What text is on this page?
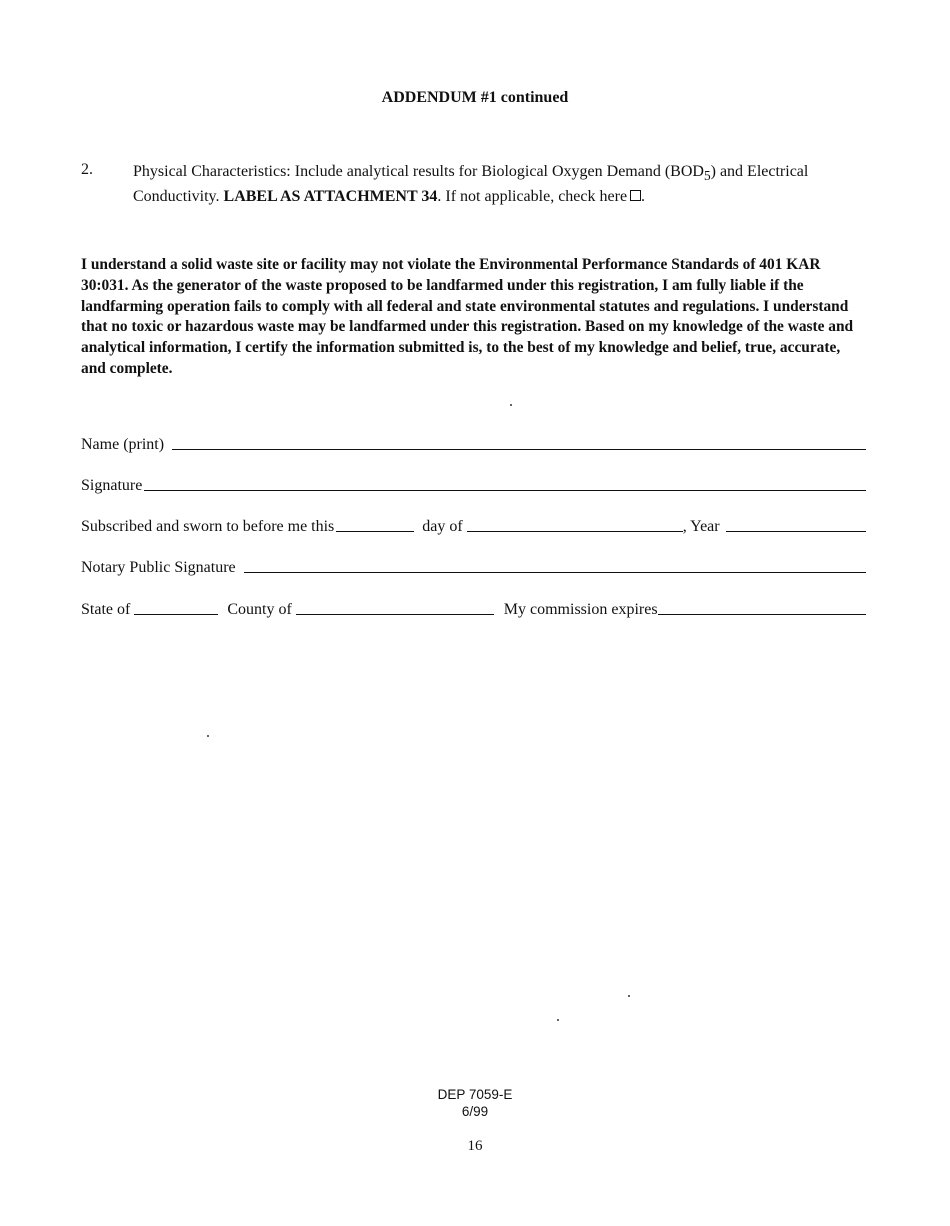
ADDENDUM #1 continued
2.	Physical Characteristics: Include analytical results for Biological Oxygen Demand $(BOD_5)$ and Electrical Conductivity. LABEL AS ATTACHMENT 34. If not applicable, check here .
I understand a solid waste site or facility may not violate the Environmental Performance Standards of 401 KAR 30:031. As the generator of the waste proposed to be landfarmed under this registration, I am fully liable if the landfarming operation fails to comply with all federal and state environmental statutes and regulations. I understand that no toxic or hazardous waste may be landfarmed under this registration. Based on my knowledge of the waste and analytical information, I certify the information submitted is, to the best of my knowledge and belief, true, accurate, and complete.
Name (print)
Signature
Subscribed and sworn to before me this	day of	, Year
Notary Public Signature
State of	County of	My commission expires
DEP 7059-E
6/99
16
